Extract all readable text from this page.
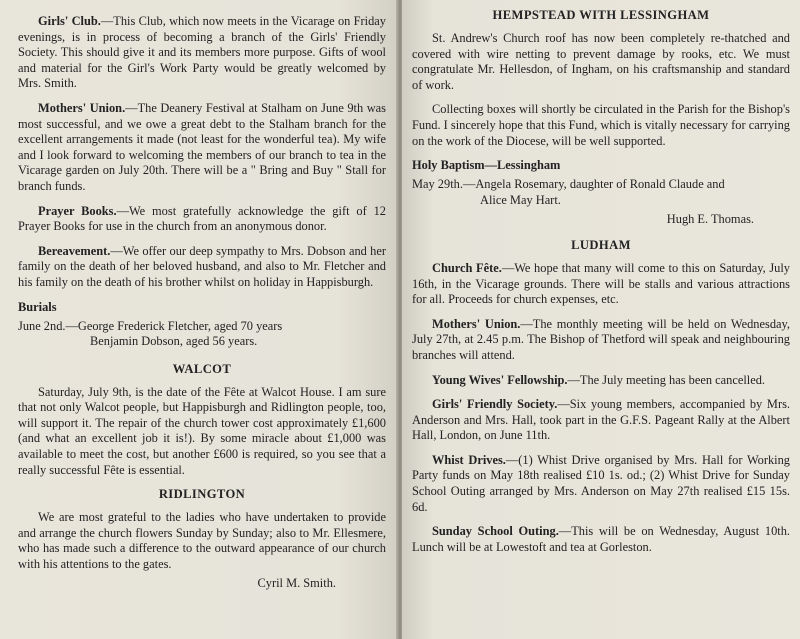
Girls' Club.—This Club, which now meets in the Vicarage on Friday evenings, is in process of becoming a branch of the Girls' Friendly Society. This should give it and its members more purpose. Gifts of wool and material for the Girl's Work Party would be greatly welcomed by Mrs. Smith.

Mothers' Union.—The Deanery Festival at Stalham on June 9th was most successful, and we owe a great debt to the Stalham branch for the excellent arrangements it made (not least for the wonderful tea). My wife and I look forward to welcoming the members of our branch to tea in the Vicarage garden on July 20th. There will be a " Bring and Buy " Stall for branch funds.

Prayer Books.—We most gratefully acknowledge the gift of 12 Prayer Books for use in the church from an anonymous donor.

Bereavement.—We offer our deep sympathy to Mrs. Dobson and her family on the death of her beloved husband, and also to Mr. Fletcher and his family on the death of his brother whilst on holiday in Happisburgh.

Burials
June 2nd. —George Frederick Fletcher, aged 70 years
Benjamin Dobson, aged 56 years.
WALCOT

Saturday, July 9th, is the date of the Fête at Walcot House. I am sure that not only Walcot people, but Happisburgh and Ridlington people, too, will support it. The repair of the church tower cost approximately £1,600 (and what an excellent job it is!). By some miracle about £1,000 was available to meet the cost, but another £600 is required, so you see that a really successful Fête is essential.

RIDLINGTON

We are most grateful to the ladies who have undertaken to provide and arrange the church flowers Sunday by Sunday; also to Mr. Ellesmere, who has made such a difference to the outward appearance of our church with his attentions to the gates.

Cyril M. Smith.
HEMPSTEAD WITH LESSINGHAM

St. Andrew's Church roof has now been completely re-thatched and covered with wire netting to prevent damage by rooks, etc. We must congratulate Mr. Hellesdon, of Ingham, on his craftsmanship and standard of work.

Collecting boxes will shortly be circulated in the Parish for the Bishop's Fund. I sincerely hope that this Fund, which is vitally necessary for carrying on the work of the Diocese, will be well supported.

Holy Baptism—Lessingham
May 29th. —Angela Rosemary, daughter of Ronald Claude and
Alice May Hart.
Hugh E. Thomas.
LUDHAM

Church Fête.—We hope that many will come to this on Saturday, July 16th, in the Vicarage grounds. There will be stalls and various attractions for all. Proceeds for church expenses, etc.

Mothers' Union.—The monthly meeting will be held on Wednesday, July 27th, at 2.45 p.m. The Bishop of Thetford will speak and neighbouring branches will attend.

Young Wives' Fellowship.—The July meeting has been cancelled.

Girls' Friendly Society.—Six young members, accompanied by Mrs. Anderson and Mrs. Hall, took part in the G.F.S. Pageant Rally at the Albert Hall, London, on June 11th.

Whist Drives.—(1) Whist Drive organised by Mrs. Hall for Working Party funds on May 18th realised £10 1s. od.; (2) Whist Drive for Sunday School Outing arranged by Mrs. Anderson on May 27th realised £15 15s. 6d.

Sunday School Outing.—This will be on Wednesday, August 10th. Lunch will be at Lowestoft and tea at Gorleston.
